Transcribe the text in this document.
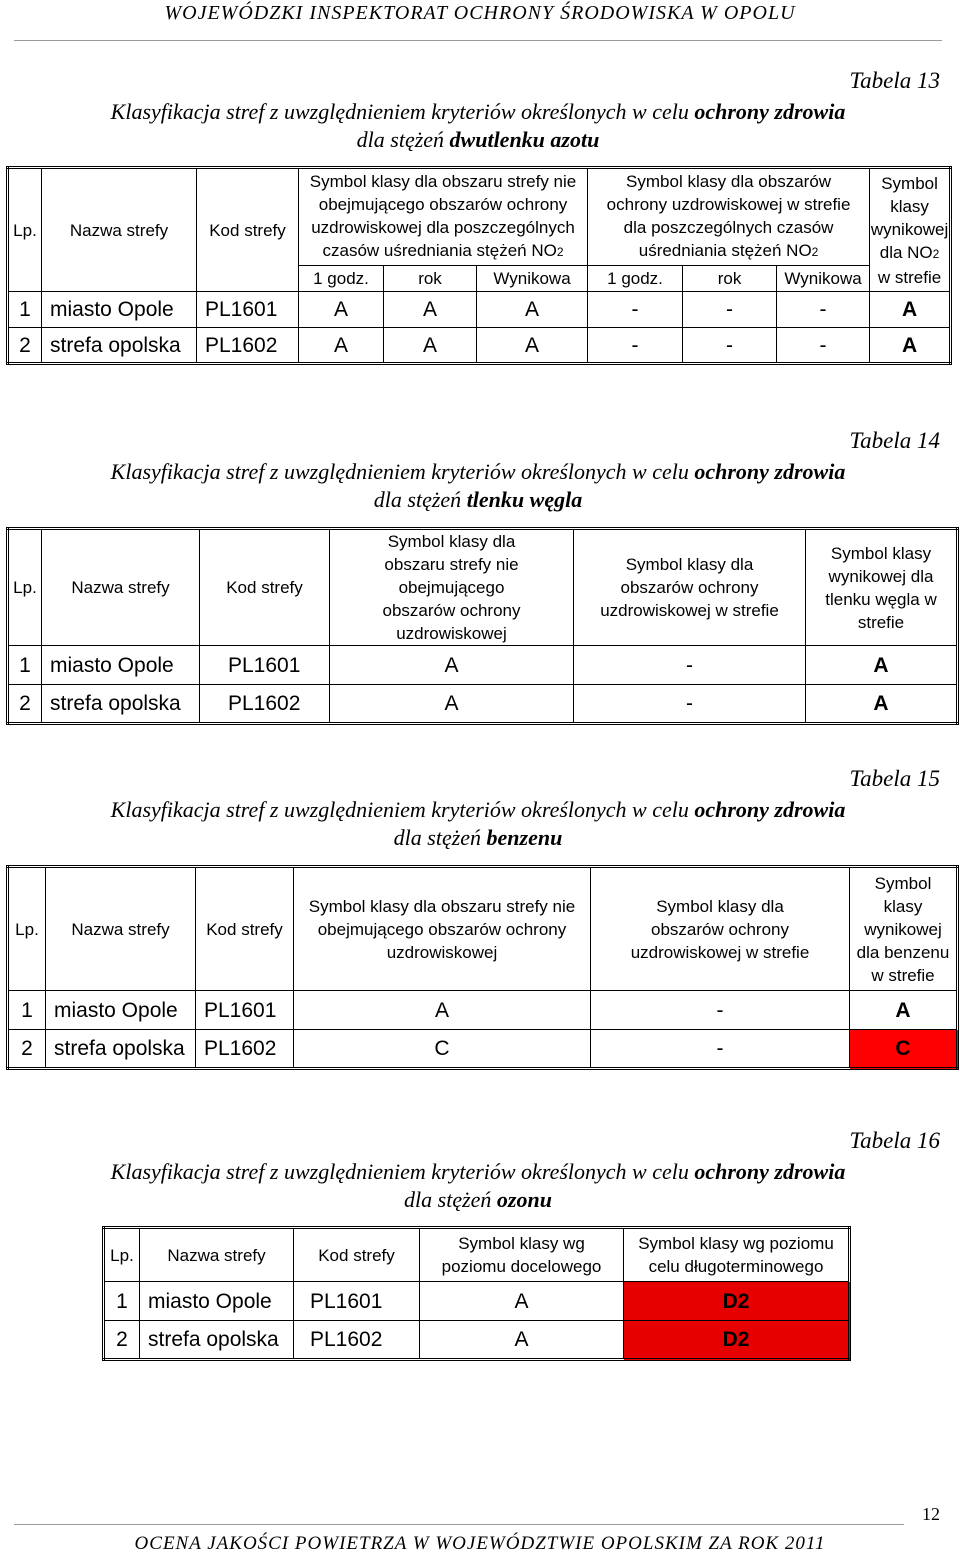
WOJEWÓDZKI INSPEKTORAT OCHRONY ŚRODOWISKA W OPOLU
Tabela 13
Klasyfikacja stref z uwzględnieniem kryteriów określonych w celu ochrony zdrowia
dla stężeń dwutlenku azotu
Lp.	Nazwa strefy	Kod strefy	Symbol klasy dla obszaru strefy nie obejmującego obszarów ochrony uzdrowiskowej dla poszczególnych czasów uśredniania stężeń NO2			Symbol klasy dla obszarów ochrony uzdrowiskowej w strefie dla poszczególnych czasów uśredniania stężeń NO2			Symbol klasy wynikowej dla NO2
w strefie
			1 godz.	rok	Wynikowa	1 godz.	rok	Wynikowa	
1	miasto Opole	PL1601	A	A	A	-	-	-	A
2	strefa opolska	PL1602	A	A	A	-	-	-	A
Tabela 14
Klasyfikacja stref z uwzględnieniem kryteriów określonych w celu ochrony zdrowia
dla stężeń tlenku węgla
Lp.	Nazwa strefy	Kod strefy	Symbol klasy dla obszaru strefy nie obejmującego obszarów ochrony uzdrowiskowej	Symbol klasy dla obszarów ochrony uzdrowiskowej w strefie	Symbol klasy wynikowej dla tlenku węgla w strefie
1	miasto Opole	PL1601	A	-	A
2	strefa opolska	PL1602	A	-	A
Tabela 15
Klasyfikacja stref z uwzględnieniem kryteriów określonych w celu ochrony zdrowia
dla stężeń benzenu
Lp.	Nazwa strefy	Kod strefy	Symbol klasy dla obszaru strefy nie obejmującego obszarów ochrony uzdrowiskowej	Symbol klasy dla obszarów ochrony uzdrowiskowej w strefie	Symbol klasy wynikowej dla benzenu w strefie
1	miasto Opole	PL1601	A	-	A
2	strefa opolska	PL1602	C	-	C
Tabela 16
Klasyfikacja stref z uwzględnieniem kryteriów określonych w celu ochrony zdrowia
dla stężeń ozonu
Lp.	Nazwa strefy	Kod strefy	Symbol klasy wg poziomu docelowego	Symbol klasy wg poziomu celu długoterminowego
1	miasto Opole	PL1601	A	D2
2	strefa opolska	PL1602	A	D2
12
OCENA JAKOŚCI POWIETRZA W WOJEWÓDZTWIE OPOLSKIM ZA ROK 2011
